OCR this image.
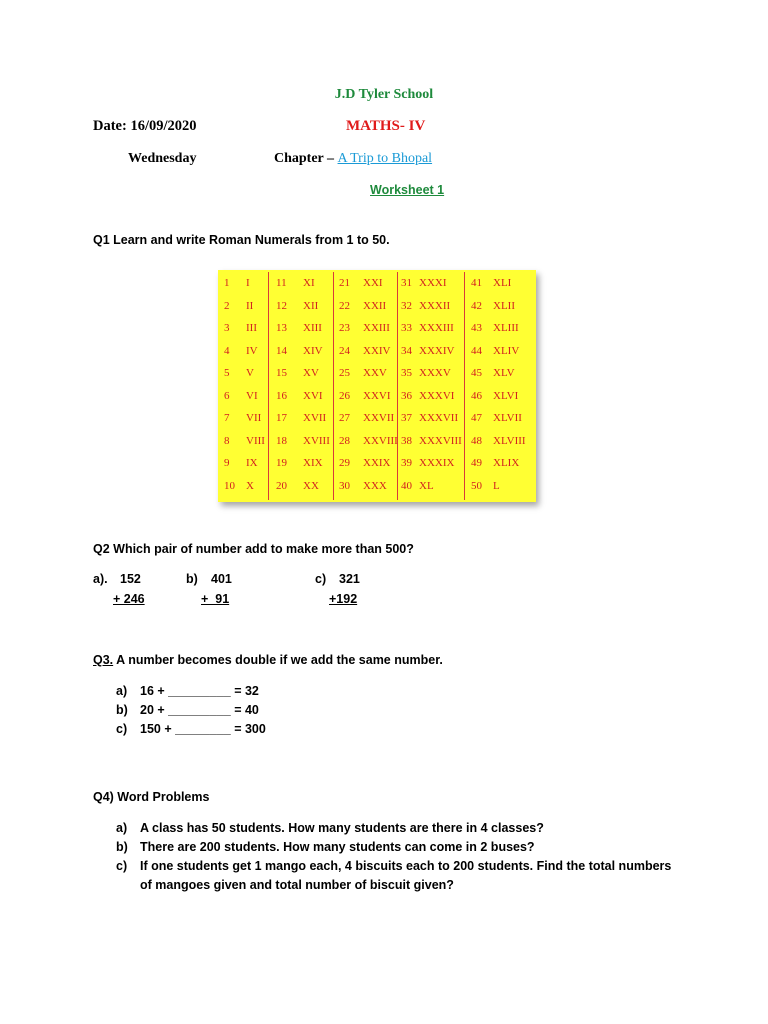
J.D Tyler School
Date: 16/09/2020	MATHS- IV
Wednesday	Chapter – A Trip to Bhopal
Worksheet 1
Q1 Learn and write Roman Numerals from 1 to 50.
1 I
2 II
3 III
4 IV
5 V
6 VI
7 VII
8 VIII
9 IX
10 X
11 XI
12 XII
13 XIII
14 XIV
15 XV
16 XVI
17 XVII
18 XVIII
19 XIX
20 XX
21 XXI
22 XXII
23 XXIII
24 XXIV
25 XXV
26 XXVI
27 XXVII
28 XXVIII
29 XXIX
30 XXX
31 XXXI
32 XXXII
33 XXXIII
34 XXXIV
35 XXXV
36 XXXVI
37 XXXVII
38 XXXVIII
39 XXXIX
40 XL
41 XLI
42 XLII
43 XLIII
44 XLIV
45 XLV
46 XLVI
47 XLVII
48 XLVIII
49 XLIX
50 L
Q2 Which pair of number add to make more than 500?
a). 152
+ 246
b) 401
+  91
c) 321
+192
Q3. A number becomes double if we add the same number.
a) 16 + _________ = 32
b) 20 + _________ = 40
c) 150 + ________ = 300
Q4) Word Problems
a) A class has 50 students. How many students are there in 4 classes?
b) There are 200 students. How many students can come in 2 buses?
c) If one students get 1 mango each, 4 biscuits each to 200 students. Find the total numbers
of mangoes given and total number of biscuit given?
